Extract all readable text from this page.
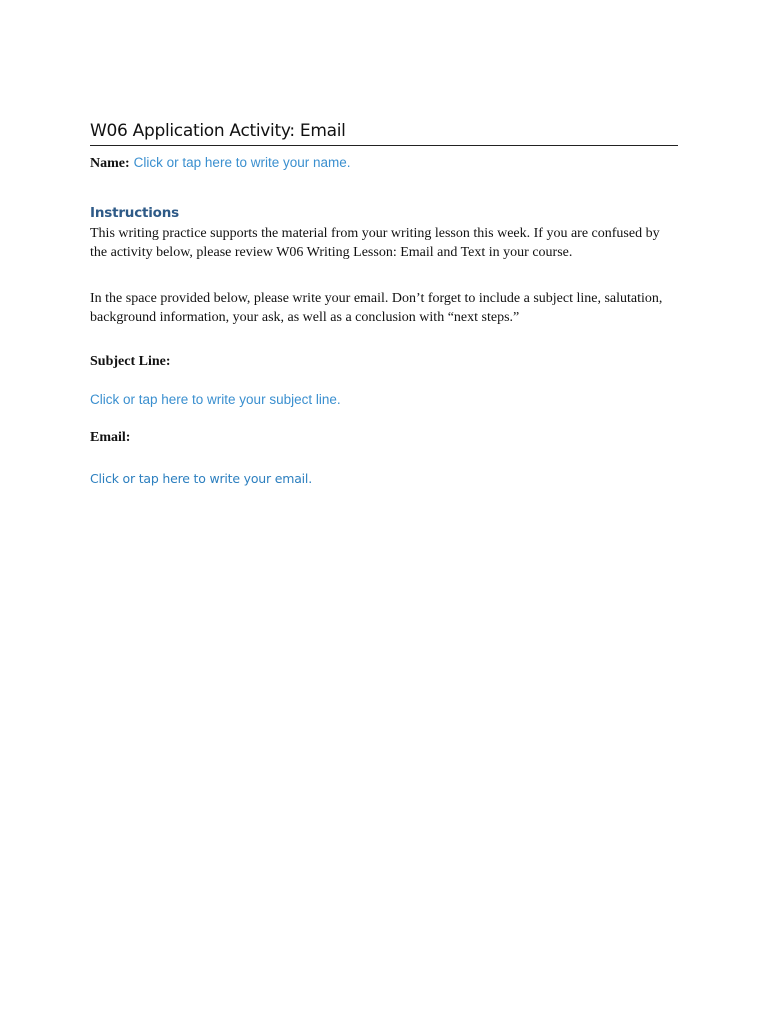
W06 Application Activity: Email
Name: Click or tap here to write your name.
Instructions
This writing practice supports the material from your writing lesson this week. If you are confused by the activity below, please review W06 Writing Lesson: Email and Text in your course.
In the space provided below, please write your email. Don’t forget to include a subject line, salutation, background information, your ask, as well as a conclusion with “next steps.”
Subject Line:
Click or tap here to write your subject line.
Email:
Click or tap here to write your email.
